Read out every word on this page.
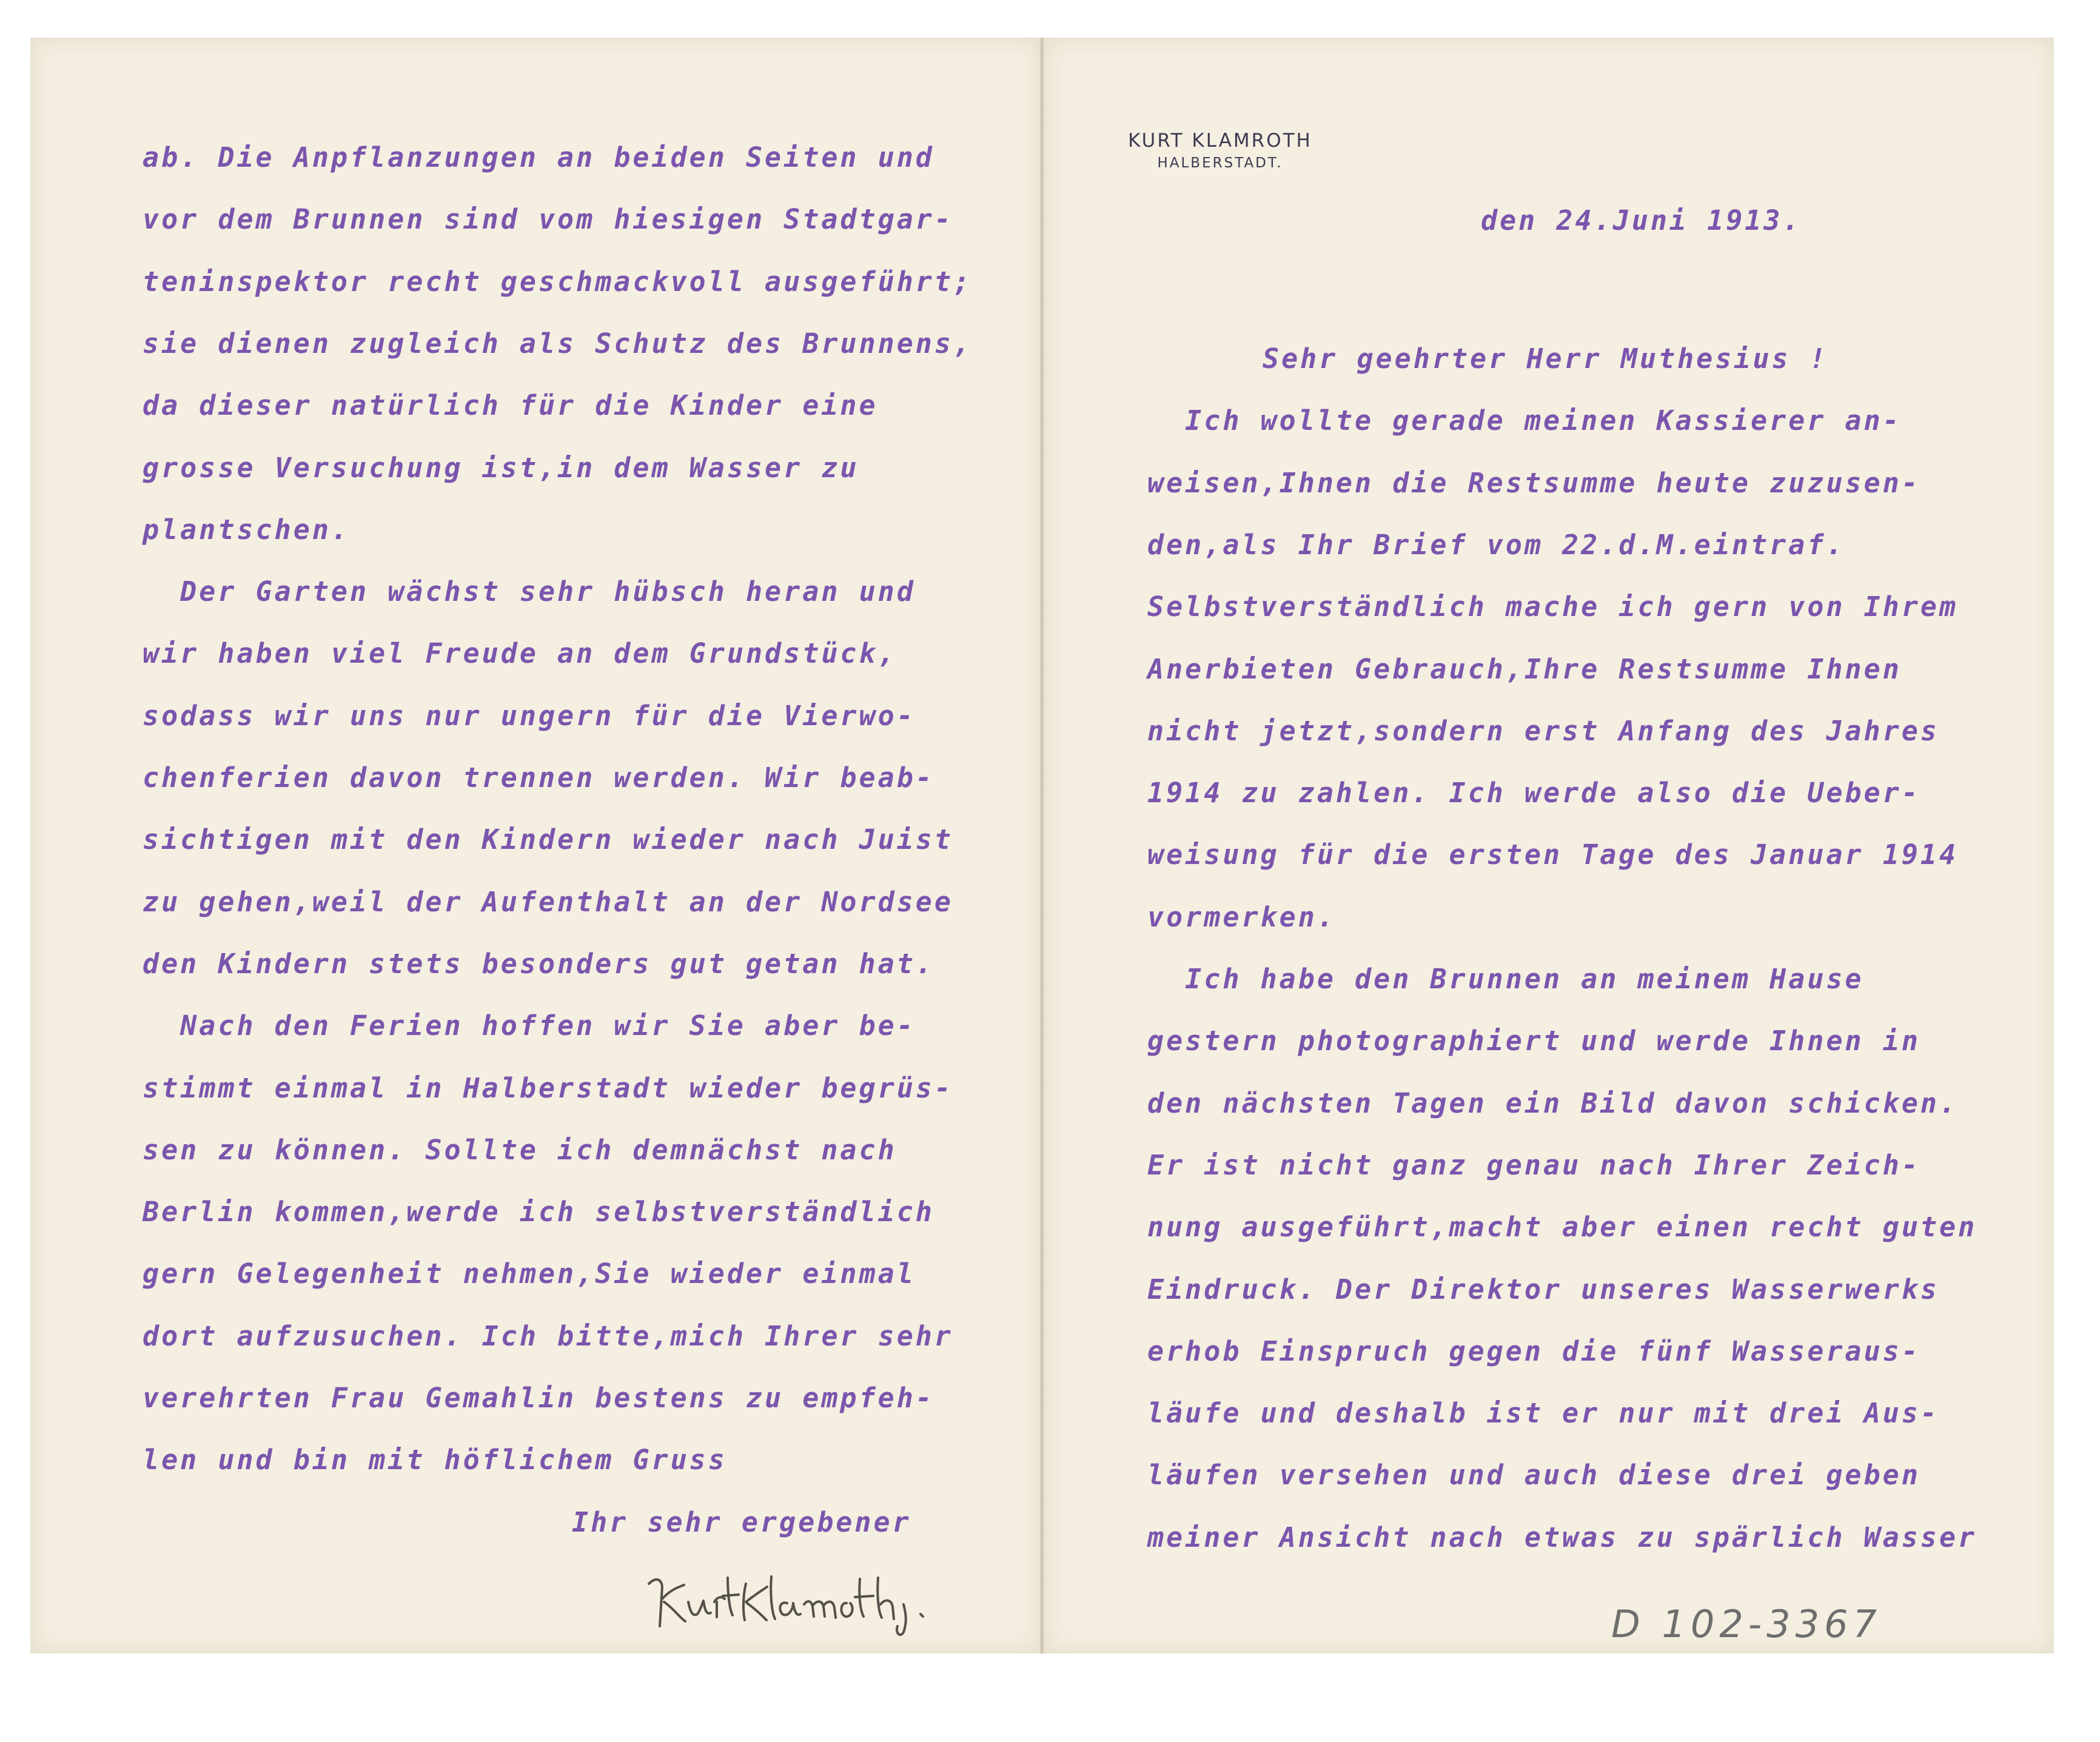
ab. Die Anpflanzungen an beiden Seiten und
vor dem Brunnen sind vom hiesigen Stadtgar-
teninspektor recht geschmackvoll ausgeführt;
sie dienen zugleich als Schutz des Brunnens,
da dieser natürlich für die Kinder eine
grosse Versuchung ist,in dem Wasser zu
plantschen.
Der Garten wächst sehr hübsch heran und
wir haben viel Freude an dem Grundstück,
sodass wir uns nur ungern für die Vierwo-
chenferien davon trennen werden. Wir beab-
sichtigen mit den Kindern wieder nach Juist
zu gehen,weil der Aufenthalt an der Nordsee
den Kindern stets besonders gut getan hat.
Nach den Ferien hoffen wir Sie aber be-
stimmt einmal in Halberstadt wieder begrüs-
sen zu können. Sollte ich demnächst nach
Berlin kommen,werde ich selbstverständlich
gern Gelegenheit nehmen,Sie wieder einmal
dort aufzusuchen. Ich bitte,mich Ihrer sehr
verehrten Frau Gemahlin bestens zu empfeh-
len und bin mit höflichem Gruss
Ihr sehr ergebener
KURT KLAMROTH
HALBERSTADT.
den 24.Juni 1913.
Sehr geehrter Herr Muthesius !
Ich wollte gerade meinen Kassierer an-
weisen,Ihnen die Restsumme heute zuzusen-
den,als Ihr Brief vom 22.d.M.eintraf.
Selbstverständlich mache ich gern von Ihrem
Anerbieten Gebrauch,Ihre Restsumme Ihnen
nicht jetzt,sondern erst Anfang des Jahres
1914 zu zahlen. Ich werde also die Ueber-
weisung für die ersten Tage des Januar 1914
vormerken.
Ich habe den Brunnen an meinem Hause
gestern photographiert und werde Ihnen in
den nächsten Tagen ein Bild davon schicken.
Er ist nicht ganz genau nach Ihrer Zeich-
nung ausgeführt,macht aber einen recht guten
Eindruck. Der Direktor unseres Wasserwerks
erhob Einspruch gegen die fünf Wasseraus-
läufe und deshalb ist er nur mit drei Aus-
läufen versehen und auch diese drei geben
meiner Ansicht nach etwas zu spärlich Wasser
D 102-3367
